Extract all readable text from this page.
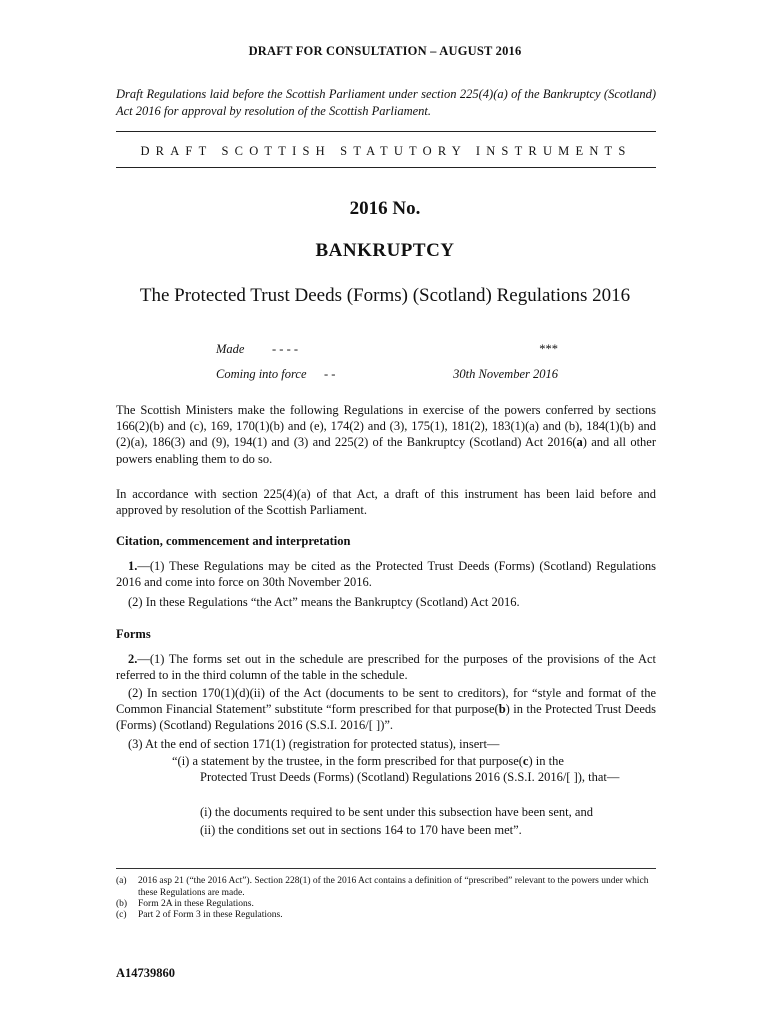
DRAFT FOR CONSULTATION – AUGUST 2016
Draft Regulations laid before the Scottish Parliament under section 225(4)(a) of the Bankruptcy (Scotland) Act 2016 for approval by resolution of the Scottish Parliament.
DRAFT SCOTTISH STATUTORY INSTRUMENTS
2016 No.
BANKRUPTCY
The Protected Trust Deeds (Forms) (Scotland) Regulations 2016
Made - - - -	***
Coming into force - -	30th November 2016
The Scottish Ministers make the following Regulations in exercise of the powers conferred by sections 166(2)(b) and (c), 169, 170(1)(b) and (e), 174(2) and (3), 175(1), 181(2), 183(1)(a) and (b), 184(1)(b) and (2)(a), 186(3) and (9), 194(1) and (3) and 225(2) of the Bankruptcy (Scotland) Act 2016(a) and all other powers enabling them to do so.
In accordance with section 225(4)(a) of that Act, a draft of this instrument has been laid before and approved by resolution of the Scottish Parliament.
Citation, commencement and interpretation
1.—(1) These Regulations may be cited as the Protected Trust Deeds (Forms) (Scotland) Regulations 2016 and come into force on 30th November 2016.
(2) In these Regulations “the Act” means the Bankruptcy (Scotland) Act 2016.
Forms
2.—(1) The forms set out in the schedule are prescribed for the purposes of the provisions of the Act referred to in the third column of the table in the schedule.
(2) In section 170(1)(d)(ii) of the Act (documents to be sent to creditors), for “style and format of the Common Financial Statement” substitute “form prescribed for that purpose(b) in the Protected Trust Deeds (Forms) (Scotland) Regulations 2016 (S.S.I. 2016/[ ])”.
(3) At the end of section 171(1) (registration for protected status), insert—
“(i) a statement by the trustee, in the form prescribed for that purpose(c) in the
Protected Trust Deeds (Forms) (Scotland) Regulations 2016 (S.S.I. 2016/[ ]), that—
(i) the documents required to be sent under this subsection have been sent, and
(ii) the conditions set out in sections 164 to 170 have been met”.
(a) 2016 asp 21 (“the 2016 Act”). Section 228(1) of the 2016 Act contains a definition of “prescribed” relevant to the powers under which these Regulations are made.
(b) Form 2A in these Regulations.
(c) Part 2 of Form 3 in these Regulations.
A14739860
